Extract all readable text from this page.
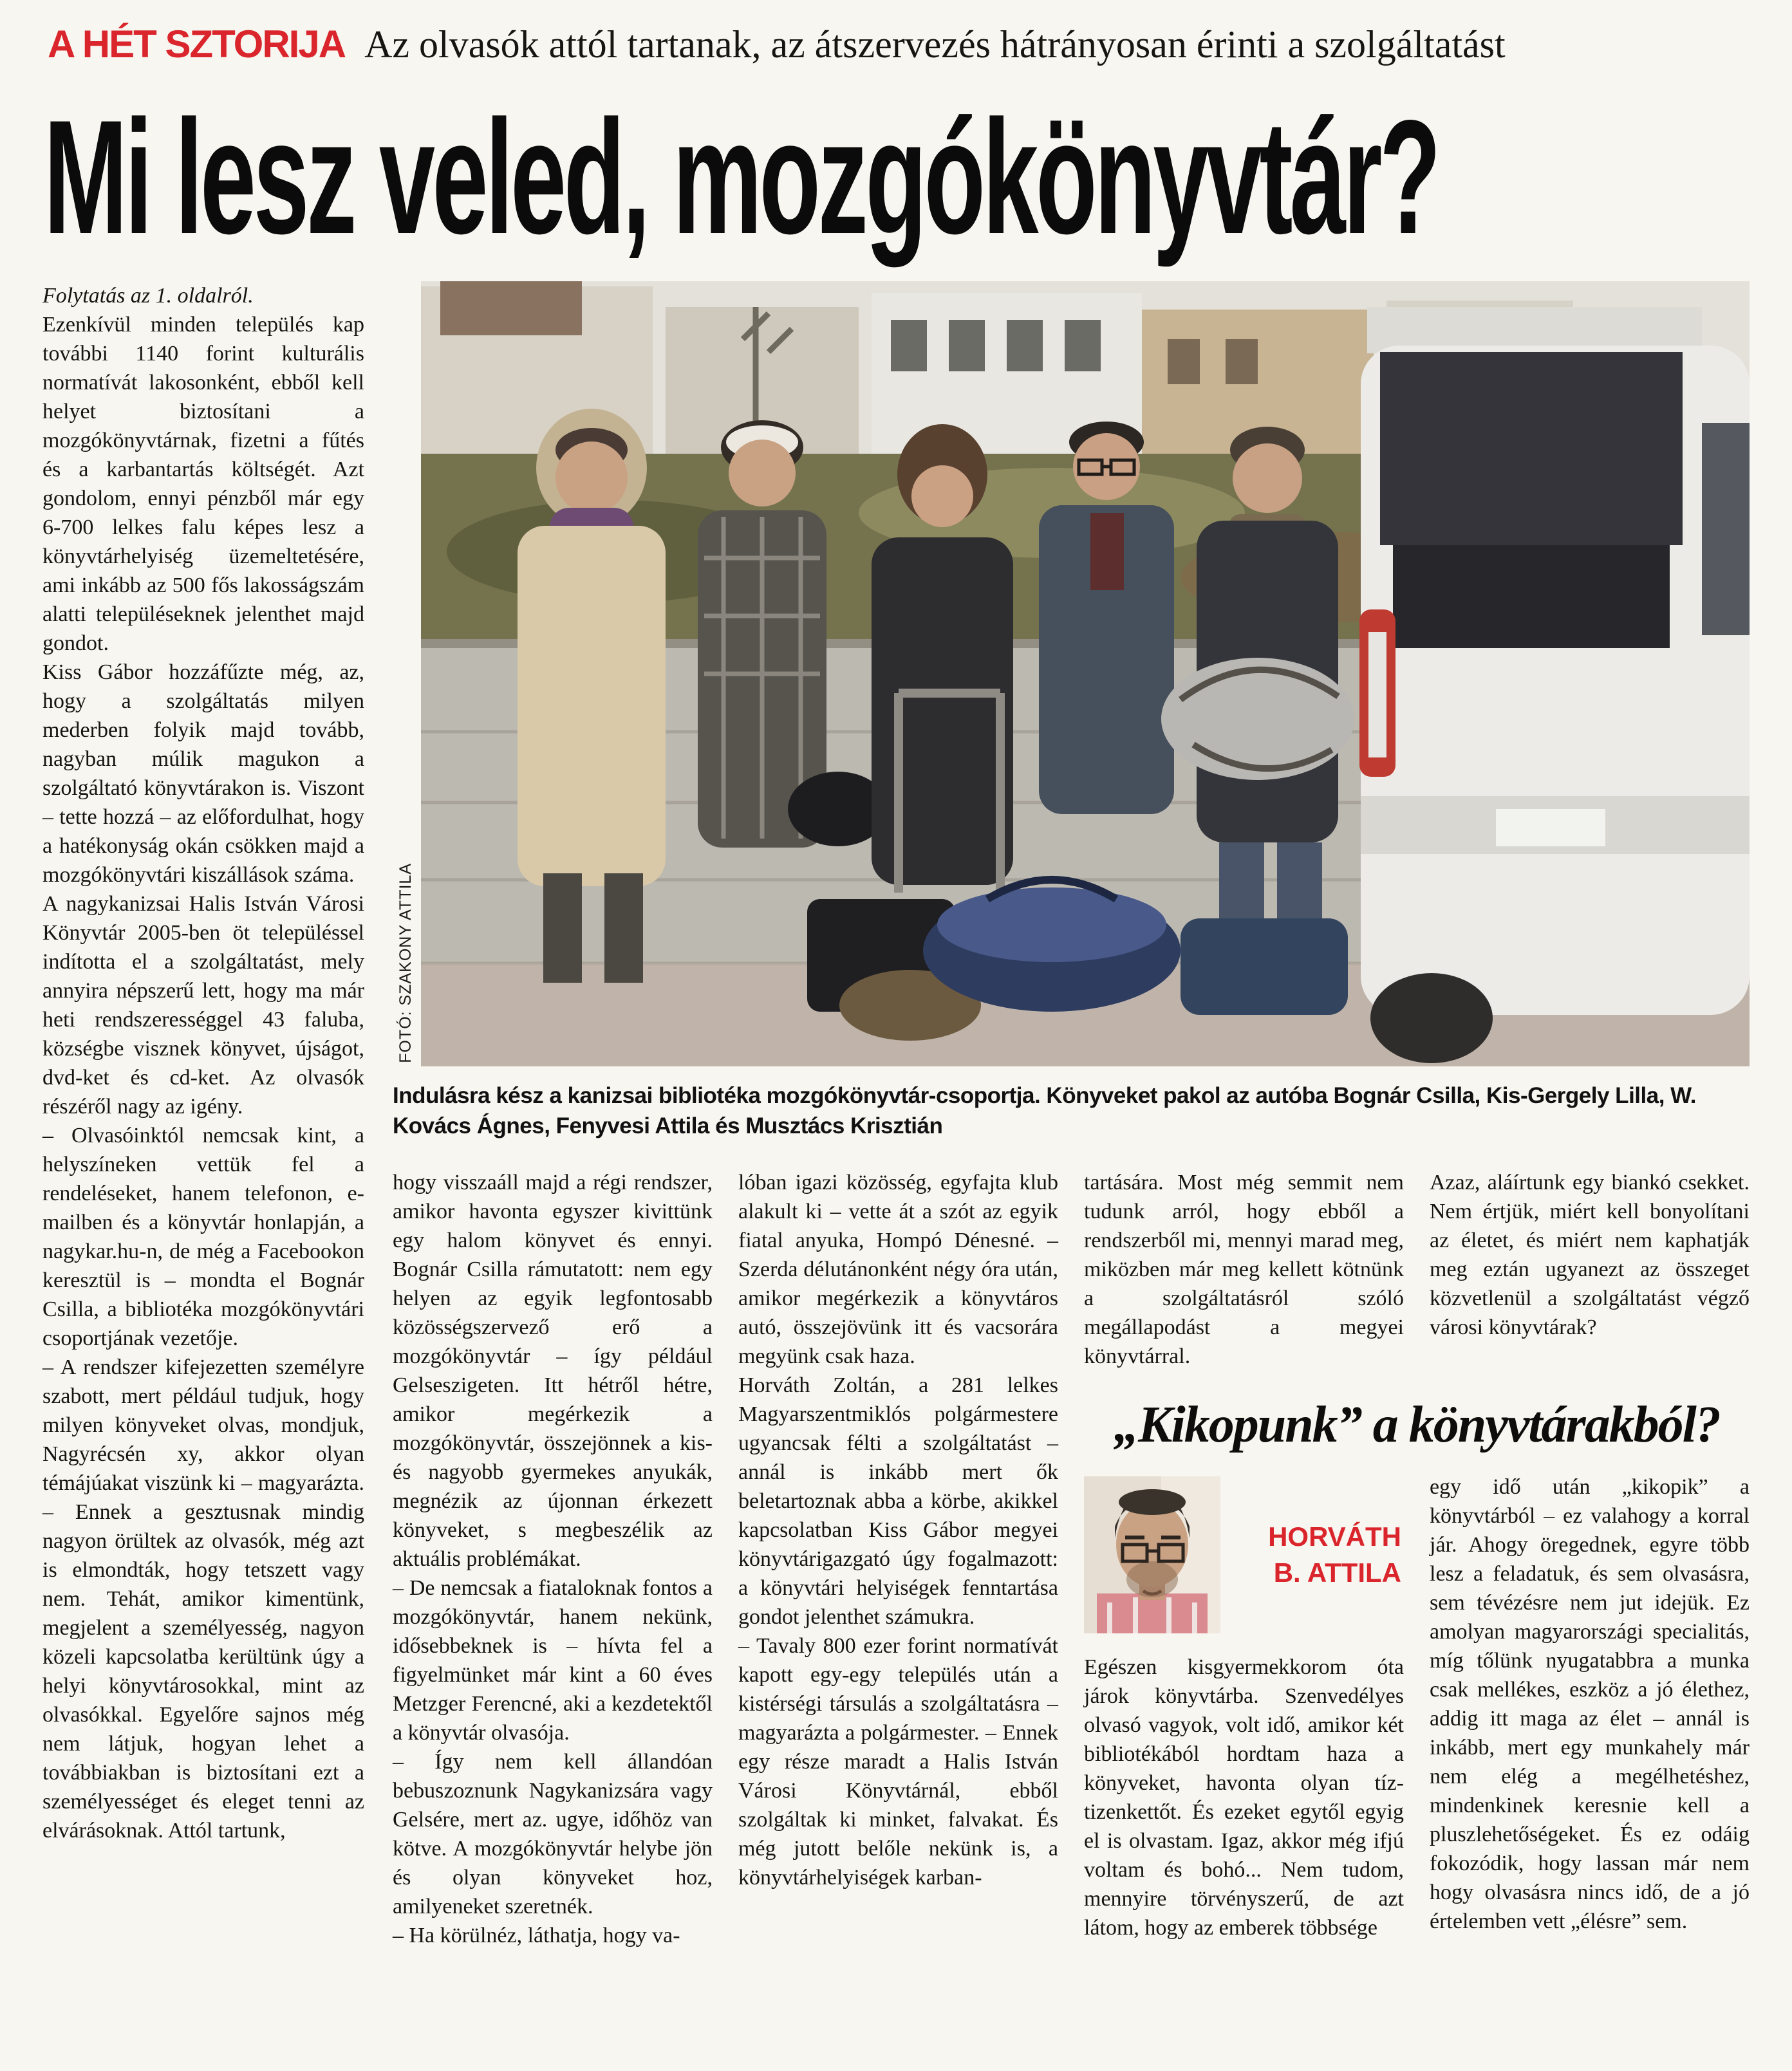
A HÉT SZTORIJA Az olvasók attól tartanak, az átszervezés hátrányosan érinti a szolgáltatást
Mi lesz veled, mozgókönyvtár?

Folytatás az 1. oldalról.

Ezenkívül minden település kap további 1140 forint kulturális normatívát lakosonként, ebből kell helyet biztosítani a mozgókönyvtárnak, fizetni a fűtés és a karbantartás költségét. Azt gondolom, ennyi pénzből már egy 6-700 lelkes falu képes lesz a könyvtárhelyiség üzemeltetésére, ami inkább az 500 fős lakosságszám alatti településeknek jelenthet majd gondot.

Kiss Gábor hozzáfűzte még, az, hogy a szolgáltatás milyen mederben folyik majd tovább, nagyban múlik magukon a szolgáltató könyvtárakon is. Viszont – tette hozzá – az előfordulhat, hogy a hatékonyság okán csökken majd a mozgókönyvtári kiszállások száma.

A nagykanizsai Halis István Városi Könyvtár 2005-ben öt településsel indította el a szolgáltatást, mely annyira népszerű lett, hogy ma már heti rendszerességgel 43 faluba, községbe visznek könyvet, újságot, dvd-ket és cd-ket. Az olvasók részéről nagy az igény.

– Olvasóinktól nemcsak kint, a helyszíneken vettük fel a rendeléseket, hanem telefonon, e-mailben és a könyvtár honlapján, a nagykar.hu-n, de még a Facebookon keresztül is – mondta el Bognár Csilla, a bibliotéka mozgókönyvtári csoportjának vezetője.

– A rendszer kifejezetten személyre szabott, mert például tudjuk, hogy milyen könyveket olvas, mondjuk, Nagyrécsén xy, akkor olyan témájúakat viszünk ki – magyarázta. – Ennek a gesztusnak mindig nagyon örültek az olvasók, még azt is elmondták, hogy tetszett vagy nem. Tehát, amikor kimentünk, megjelent a személyesség, nagyon közeli kapcsolatba kerültünk úgy a helyi könyvtárosokkal, mint az olvasókkal. Egyelőre sajnos még nem látjuk, hogyan lehet a továbbiakban is biztosítani ezt a személyességet és eleget tenni az elvárásoknak. Attól tartunk,

FOTÓ: SZAKONY ATTILA
Indulásra kész a kanizsai bibliotéka mozgókönyvtár-csoportja. Könyveket pakol az autóba Bognár Csilla, Kis-Gergely Lilla, W. Kovács Ágnes, Fenyvesi Attila és Musztács Krisztián

hogy visszaáll majd a régi rendszer, amikor havonta egyszer kivittünk egy halom könyvet és ennyi. Bognár Csilla rámutatott: nem egy helyen az egyik legfontosabb közösségszervező erő a mozgókönyvtár – így például Gelseszigeten. Itt hétről hétre, amikor megérkezik a mozgókönyvtár, összejönnek a kis- és nagyobb gyermekes anyukák, megnézik az újonnan érkezett könyveket, s megbeszélik az aktuális problémákat.

– De nemcsak a fiataloknak fontos a mozgókönyvtár, hanem nekünk, idősebbeknek is – hívta fel a figyelmünket már kint a 60 éves Metzger Ferencné, aki a kezdetektől a könyvtár olvasója.

– Így nem kell állandóan bebuszoznunk Nagykanizsára vagy Gelsére, mert az. ugye, időhöz van kötve. A mozgókönyvtár helybe jön és olyan könyveket hoz, amilyeneket szeretnék.

– Ha körülnéz, láthatja, hogy va-

lóban igazi közösség, egyfajta klub alakult ki – vette át a szót az egyik fiatal anyuka, Hompó Dénesné. – Szerda délutánonként négy óra után, amikor megérkezik a könyvtáros autó, összejövünk itt és vacsorára megyünk csak haza.

Horváth Zoltán, a 281 lelkes Magyarszentmiklós polgármestere ugyancsak félti a szolgáltatást – annál is inkább mert ők beletartoznak abba a körbe, akikkel kapcsolatban Kiss Gábor megyei könyvtárigazgató úgy fogalmazott: a könyvtári helyiségek fenntartása gondot jelenthet számukra.

– Tavaly 800 ezer forint normatívát kapott egy-egy település után a kistérségi társulás a szolgáltatásra – magyarázta a polgármester. – Ennek egy része maradt a Halis István Városi Könyvtárnál, ebből szolgáltak ki minket, falvakat. És még jutott belőle nekünk is, a könyvtárhelyiségek karban-

tartására. Most még semmit nem tudunk arról, hogy ebből a rendszerből mi, mennyi marad meg, miközben már meg kellett kötnünk a szolgáltatásról szóló megállapodást a megyei könyvtárral.

Azaz, aláírtunk egy biankó csekket. Nem értjük, miért kell bonyolítani az életet, és miért nem kaphatják meg eztán ugyanezt az összeget közvetlenül a szolgáltatást végző városi könyvtárak?

„Kikopunk” a könyvtárakból?
HORVÁTH B. ATTILA

Egészen kisgyermekkorom óta járok könyvtárba. Szenvedélyes olvasó vagyok, volt idő, amikor két bibliotékából hordtam haza a könyveket, havonta olyan tíz-tizenkettőt. És ezeket egytől egyig el is olvastam. Igaz, akkor még ifjú voltam és bohó... Nem tudom, mennyire törvényszerű, de azt látom, hogy az emberek többsége

egy idő után „kikopik” a könyvtárból – ez valahogy a korral jár. Ahogy öregednek, egyre több lesz a feladatuk, és sem olvasásra, sem tévézésre nem jut idejük. Ez amolyan magyarországi specialitás, míg tőlünk nyugatabbra a munka csak mellékes, eszköz a jó élethez, addig itt maga az élet – annál is inkább, mert egy munkahely már nem elég a megélhetéshez, mindenkinek keresnie kell a pluszlehetőségeket. És ez odáig fokozódik, hogy lassan már nem hogy olvasásra nincs idő, de a jó értelemben vett „élésre” sem.
